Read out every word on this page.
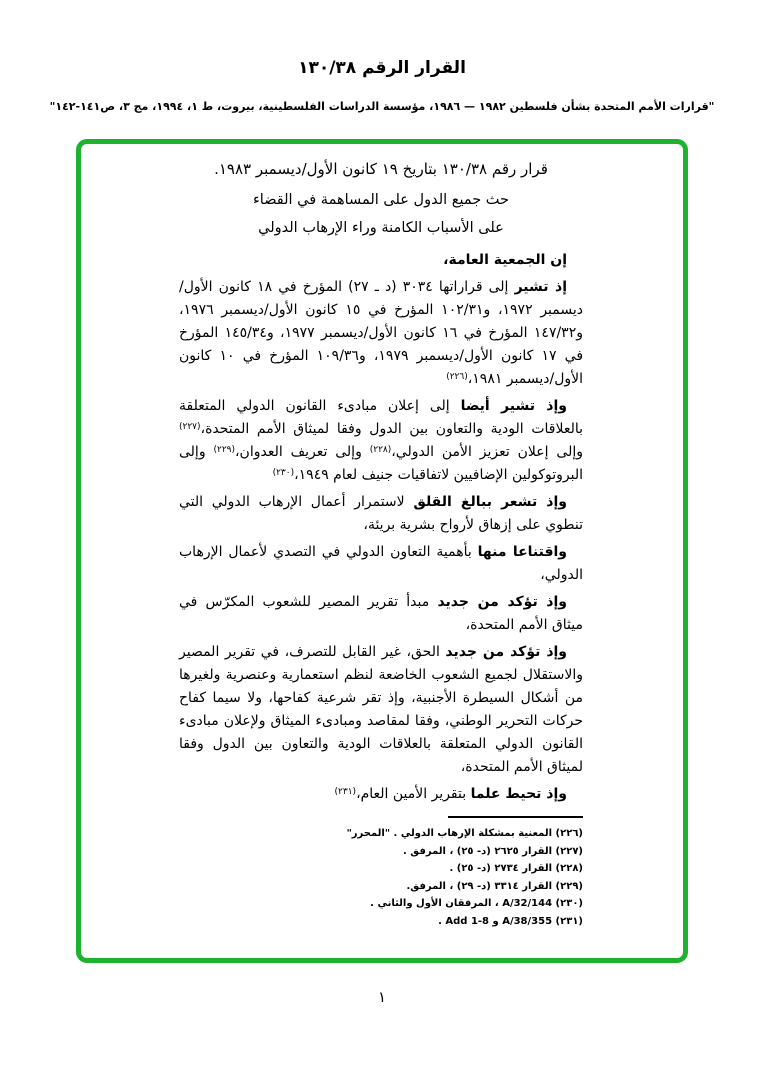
القرار الرقم ١٣٠/٣٨
"قرارات الأمم المتحدة بشأن فلسطين ١٩٨٢ — ١٩٨٦، مؤسسة الدراسات الفلسطينية، بيروت، ط ١، ١٩٩٤، مج ٣، ص١٤١-١٤٢"
قرار رقم ١٣٠/٣٨ بتاريخ ١٩ كانون الأول/ديسمبر ١٩٨٣.
حث جميع الدول على المساهمة في القضاء
على الأسباب الكامنة وراء الإرهاب الدولي

إن الجمعية العامة،

إذ تشير إلى قراراتها ٣٠٣٤ (د ـ ٢٧) المؤرخ في ١٨ كانون الأول/ديسمبر ١٩٧٢، و١٠٢/٣١ المؤرخ في ١٥ كانون الأول/ديسمبر ١٩٧٦، و١٤٧/٣٢ المؤرخ في ١٦ كانون الأول/ديسمبر ١٩٧٧، و١٤٥/٣٤ المؤرخ في ١٧ كانون الأول/ديسمبر ١٩٧٩، و١٠٩/٣٦ المؤرخ في ١٠ كانون الأول/ديسمبر ١٩٨١،$^{(٢٢٦)}$

وإذ تشير أيضا إلى إعلان مبادىء القانون الدولي المتعلقة بالعلاقات الودية والتعاون بين الدول وفقا لميثاق الأمم المتحدة،$^{(٢٢٧)}$ وإلى إعلان تعزيز الأمن الدولي،$^{(٢٢٨)}$ وإلى تعريف العدوان،$^{(٢٢٩)}$ وإلى البروتوكولين الإضافيين لاتفاقيات جنيف لعام ١٩٤٩،$^{(٢٣٠)}$

وإذ تشعر ببالغ القلق لاستمرار أعمال الإرهاب الدولي التي تنطوي على إزهاق لأرواح بشرية بريئة،

واقتناعا منها بأهمية التعاون الدولي في التصدي لأعمال الإرهاب الدولي،

وإذ تؤكد من جديد مبدأ تقرير المصير للشعوب المكرّس في ميثاق الأمم المتحدة،

وإذ تؤكد من جديد الحق، غير القابل للتصرف، في تقرير المصير والاستقلال لجميع الشعوب الخاضعة لنظم استعمارية وعنصرية ولغيرها من أشكال السيطرة الأجنبية، وإذ تقر شرعية كفاحها، ولا سيما كفاح حركات التحرير الوطني، وفقا لمقاصد ومبادىء الميثاق ولإعلان مبادىء القانون الدولي المتعلقة بالعلاقات الودية والتعاون بين الدول وفقا لميثاق الأمم المتحدة،

وإذ تحيط علما بتقرير الأمين العام،$^{(٢٣١)}$

(٢٢٦) المعنية بمشكلة الإرهاب الدولي . "المحرر"
(٢٢٧) القرار ٢٦٢٥ (د- ٢٥) ، المرفق .
(٢٢٨) القرار ٢٧٣٤ (د- ٢٥) .
(٢٢٩) القرار ٣٣١٤ (د- ٢٩) ، المرفق.
(٢٣٠) A/32/144 ، المرفقان الأول والثاني .
(٢٣١) A/38/355 و Add 1-8 .
١
